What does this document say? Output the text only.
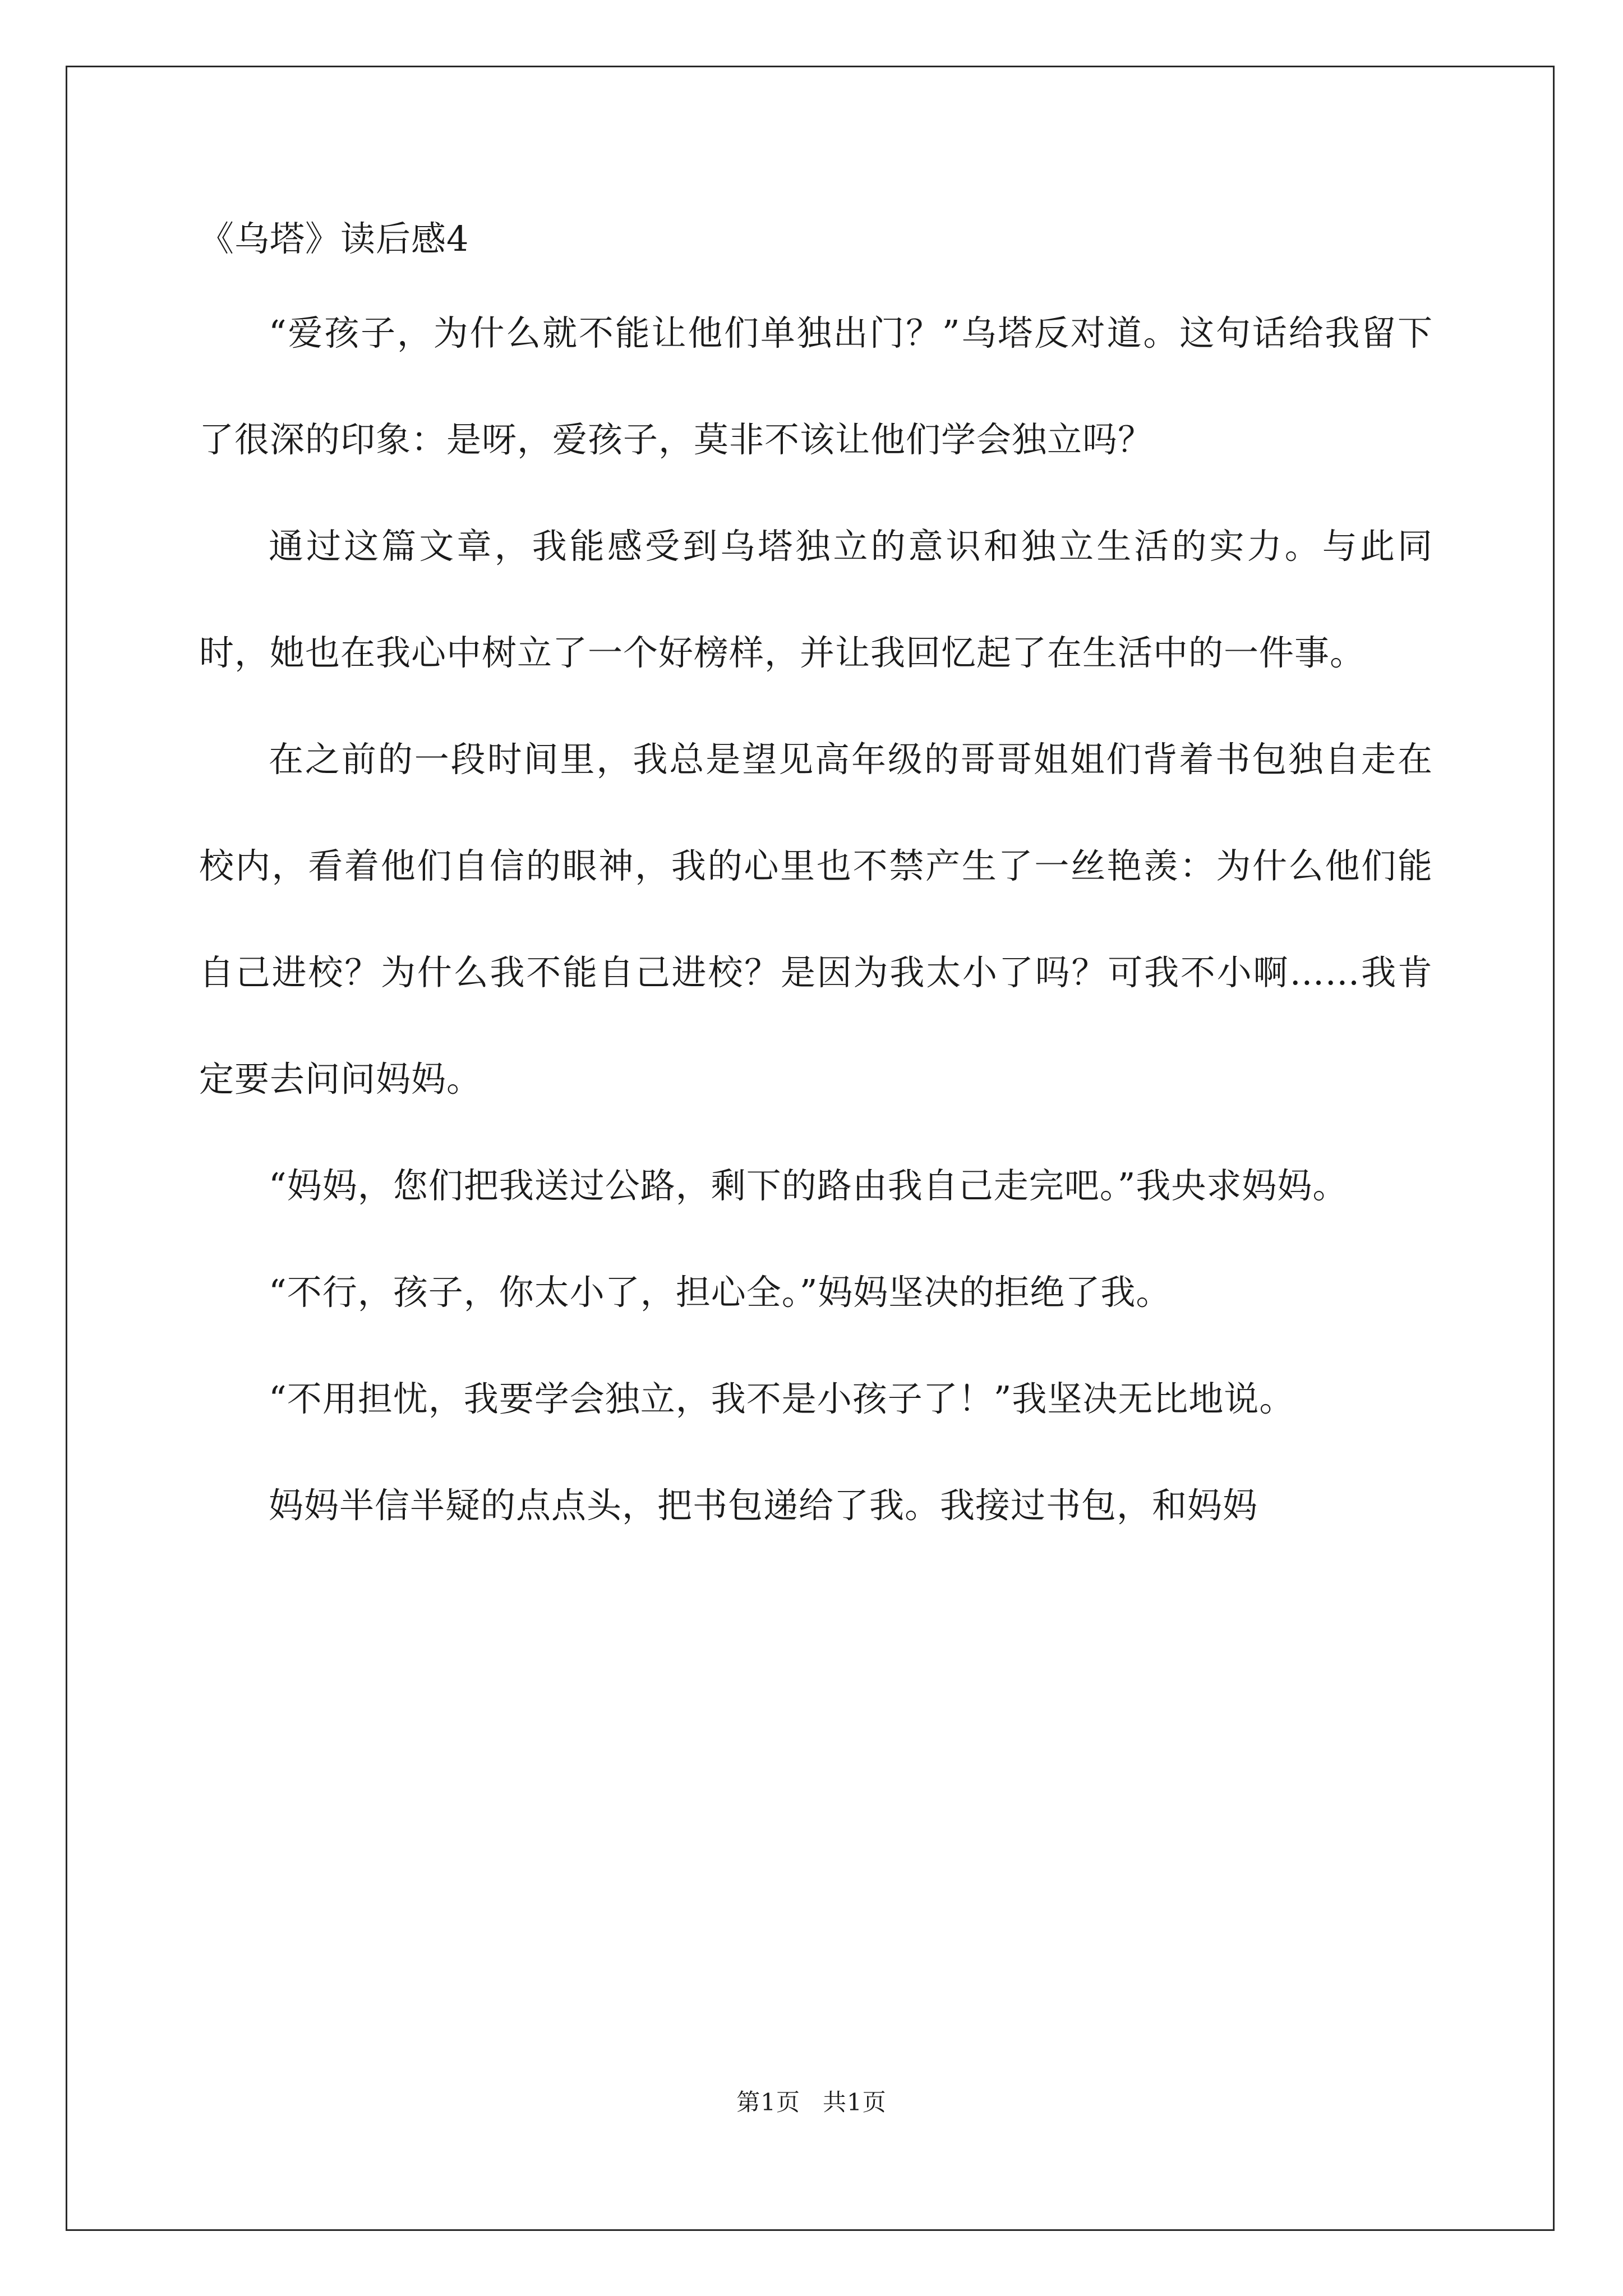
《乌塔》读后感4

“爱孩子，为什么就不能让他们单独出门？”乌塔反对道。这句话给我留下了很深的印象：是呀，爱孩子，莫非不该让他们学会独立吗？

通过这篇文章，我能感受到乌塔独立的意识和独立生活的实力。与此同时，她也在我心中树立了一个好榜样，并让我回忆起了在生活中的一件事。

在之前的一段时间里，我总是望见高年级的哥哥姐姐们背着书包独自走在校内，看着他们自信的眼神，我的心里也不禁产生了一丝艳羡：为什么他们能自己进校？为什么我不能自己进校？是因为我太小了吗？可我不小啊……我肯定要去问问妈妈。

“妈妈，您们把我送过公路，剩下的路由我自己走完吧。”我央求妈妈。

“不行，孩子，你太小了，担心全。”妈妈坚决的拒绝了我。

“不用担忧，我要学会独立，我不是小孩子了！”我坚决无比地说。

妈妈半信半疑的点点头，把书包递给了我。我接过书包，和妈妈

第1页 共1页
